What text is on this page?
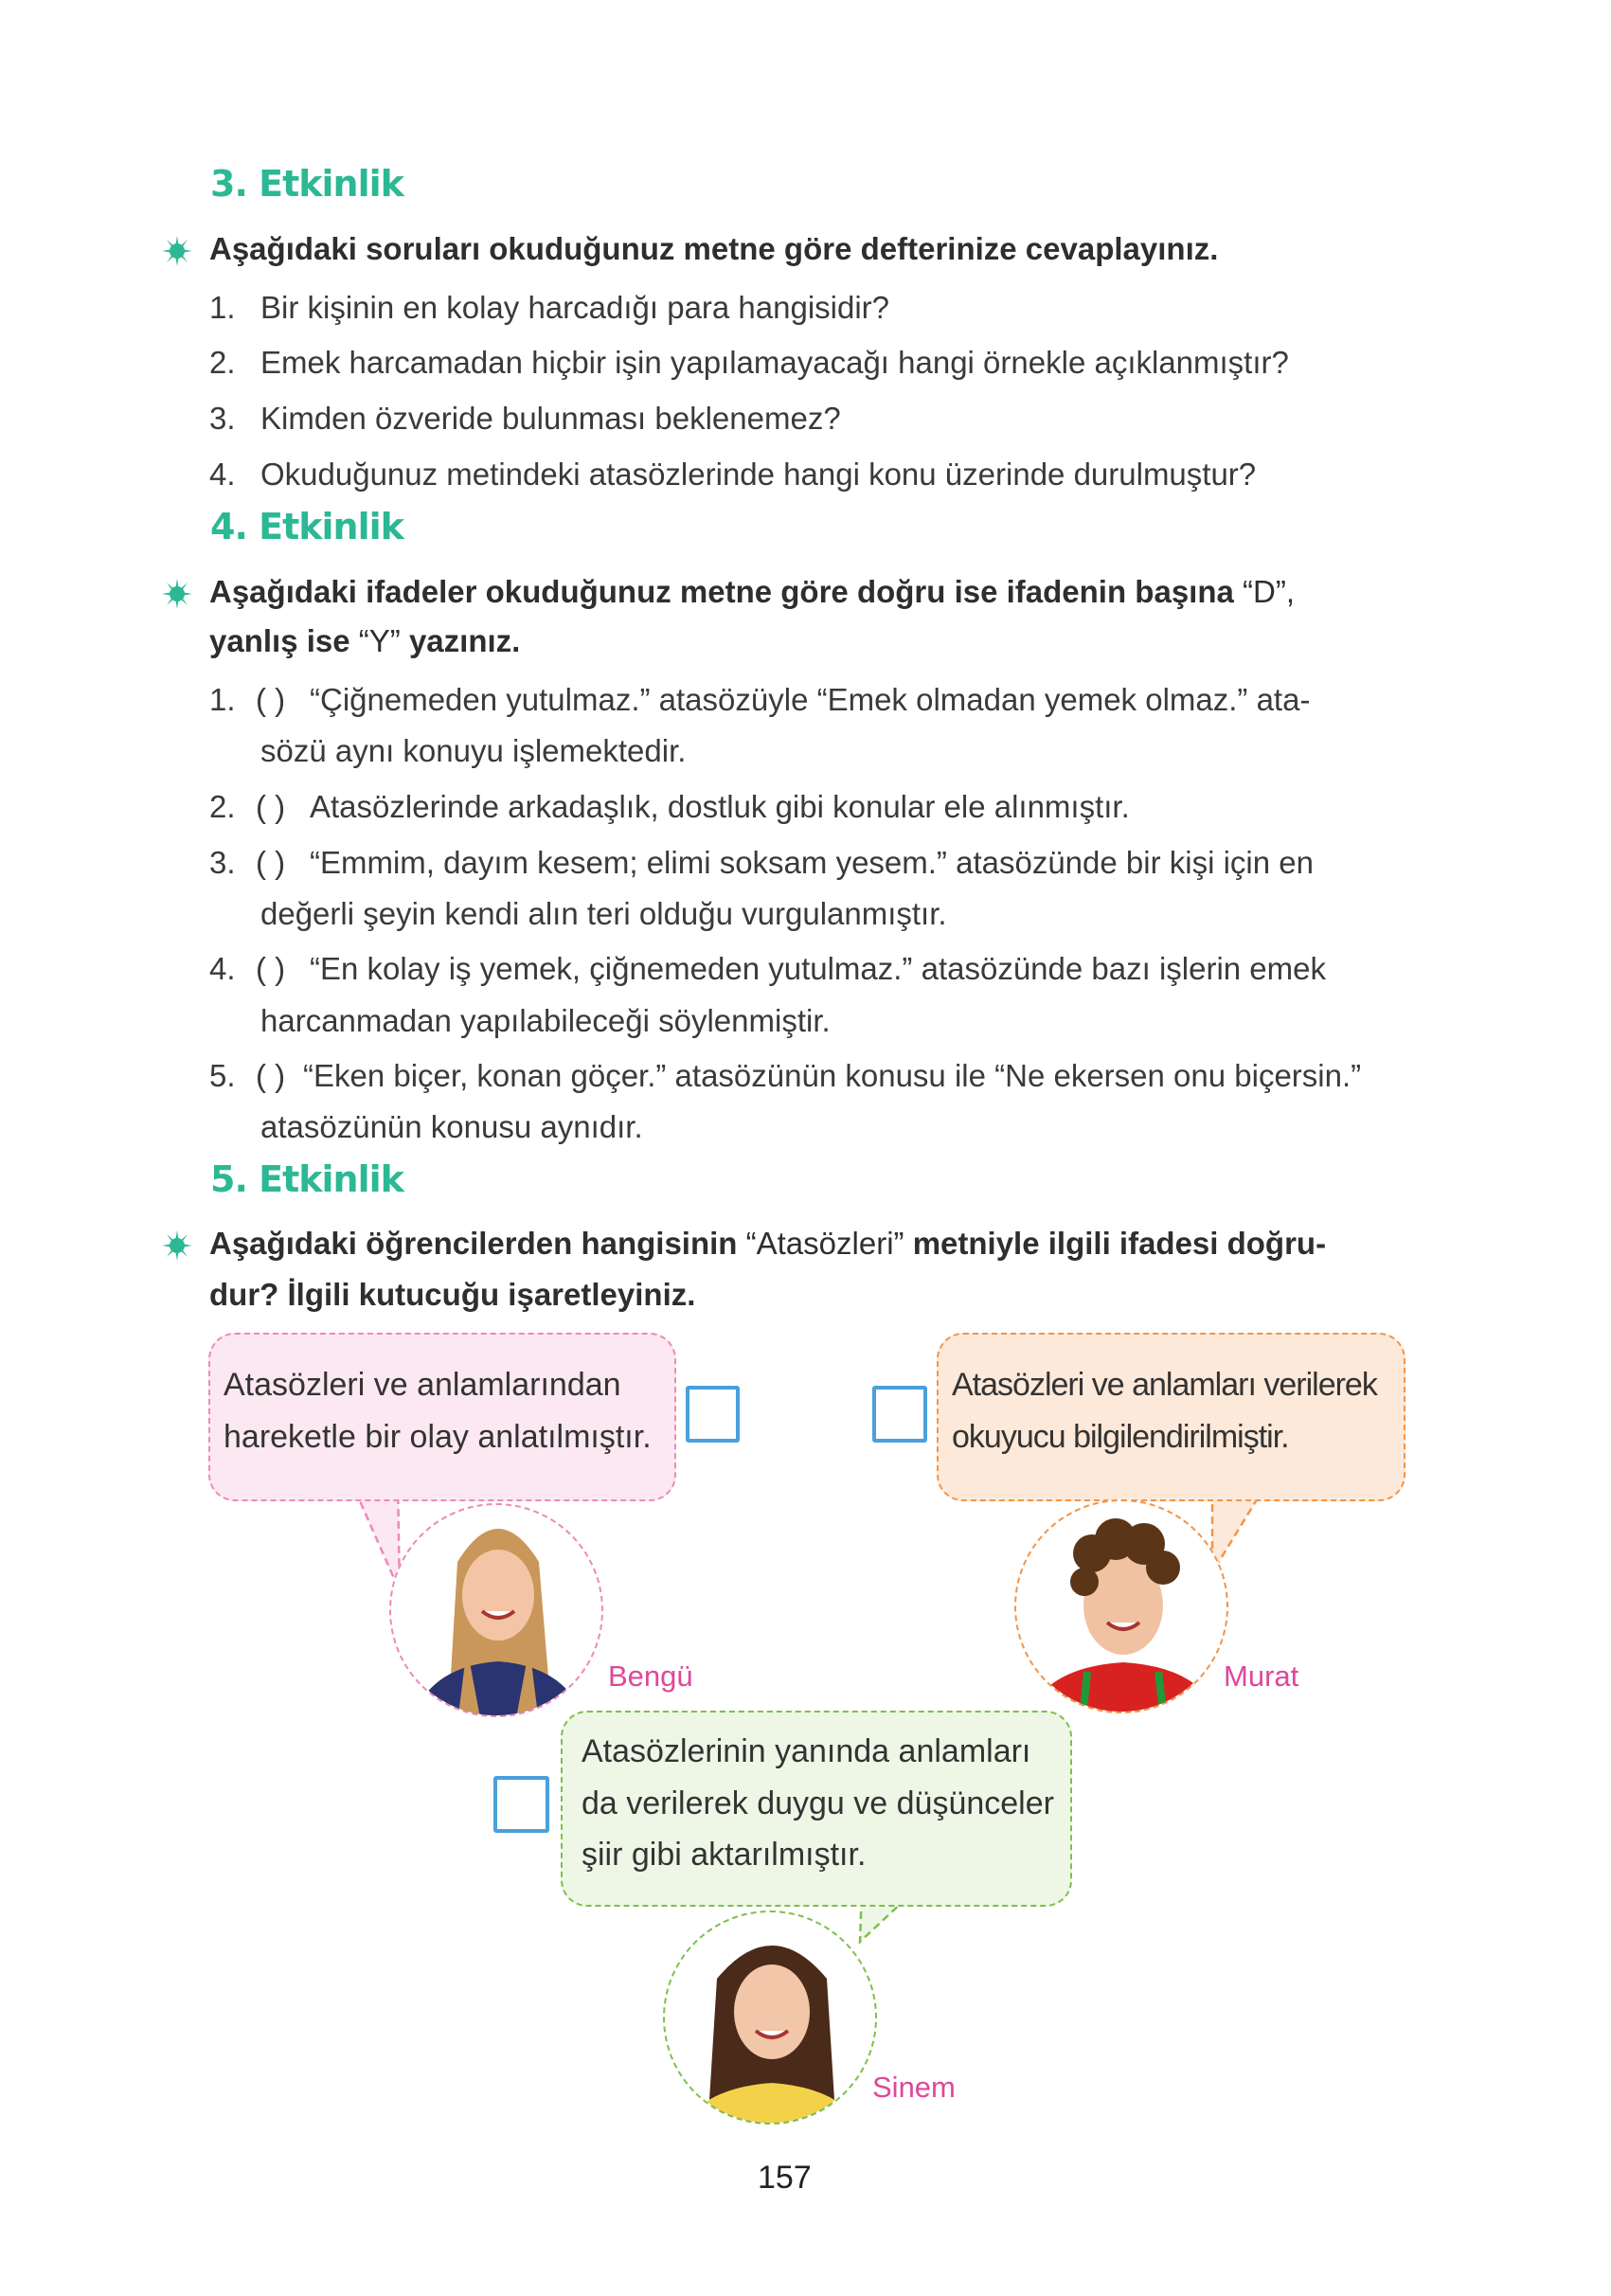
3. Etkinlik
Aşağıdaki soruları okuduğunuz metne göre defterinize cevaplayınız.
1. Bir kişinin en kolay harcadığı para hangisidir?
2. Emek harcamadan hiçbir işin yapılamayacağı hangi örnekle açıklanmıştır?
3. Kimden özveride bulunması beklenemez?
4. Okuduğunuz metindeki atasözlerinde hangi konu üzerinde durulmuştur?
4. Etkinlik
Aşağıdaki ifadeler okuduğunuz metne göre doğru ise ifadenin başına “D”,
yanlış ise “Y” yazınız.
1. ( ) “Çiğnemeden yutulmaz.” atasözüyle “Emek olmadan yemek olmaz.” ata-
sözü aynı konuyu işlemektedir.
2. ( ) Atasözlerinde arkadaşlık, dostluk gibi konular ele alınmıştır.
3. ( ) “Emmim, dayım kesem; elimi soksam yesem.” atasözünde bir kişi için en
değerli şeyin kendi alın teri olduğu vurgulanmıştır.
4. ( ) “En kolay iş yemek, çiğnemeden yutulmaz.” atasözünde bazı işlerin emek
harcanmadan yapılabileceği söylenmiştir.
5. ( ) “Eken biçer, konan göçer.” atasözünün konusu ile “Ne ekersen onu biçersin.”
atasözünün konusu aynıdır.
5. Etkinlik
Aşağıdaki öğrencilerden hangisinin “Atasözleri” metniyle ilgili ifadesi doğru-
dur? İlgili kutucuğu işaretleyiniz.
Atasözleri ve anlamlarından
hareketle bir olay anlatılmıştır.
Bengü
Atasözleri ve anlamları verilerek
okuyucu bilgilendirilmiştir.
Murat
Atasözlerinin yanında anlamları
da verilerek duygu ve düşünceler
şiir gibi aktarılmıştır.
Sinem
157
